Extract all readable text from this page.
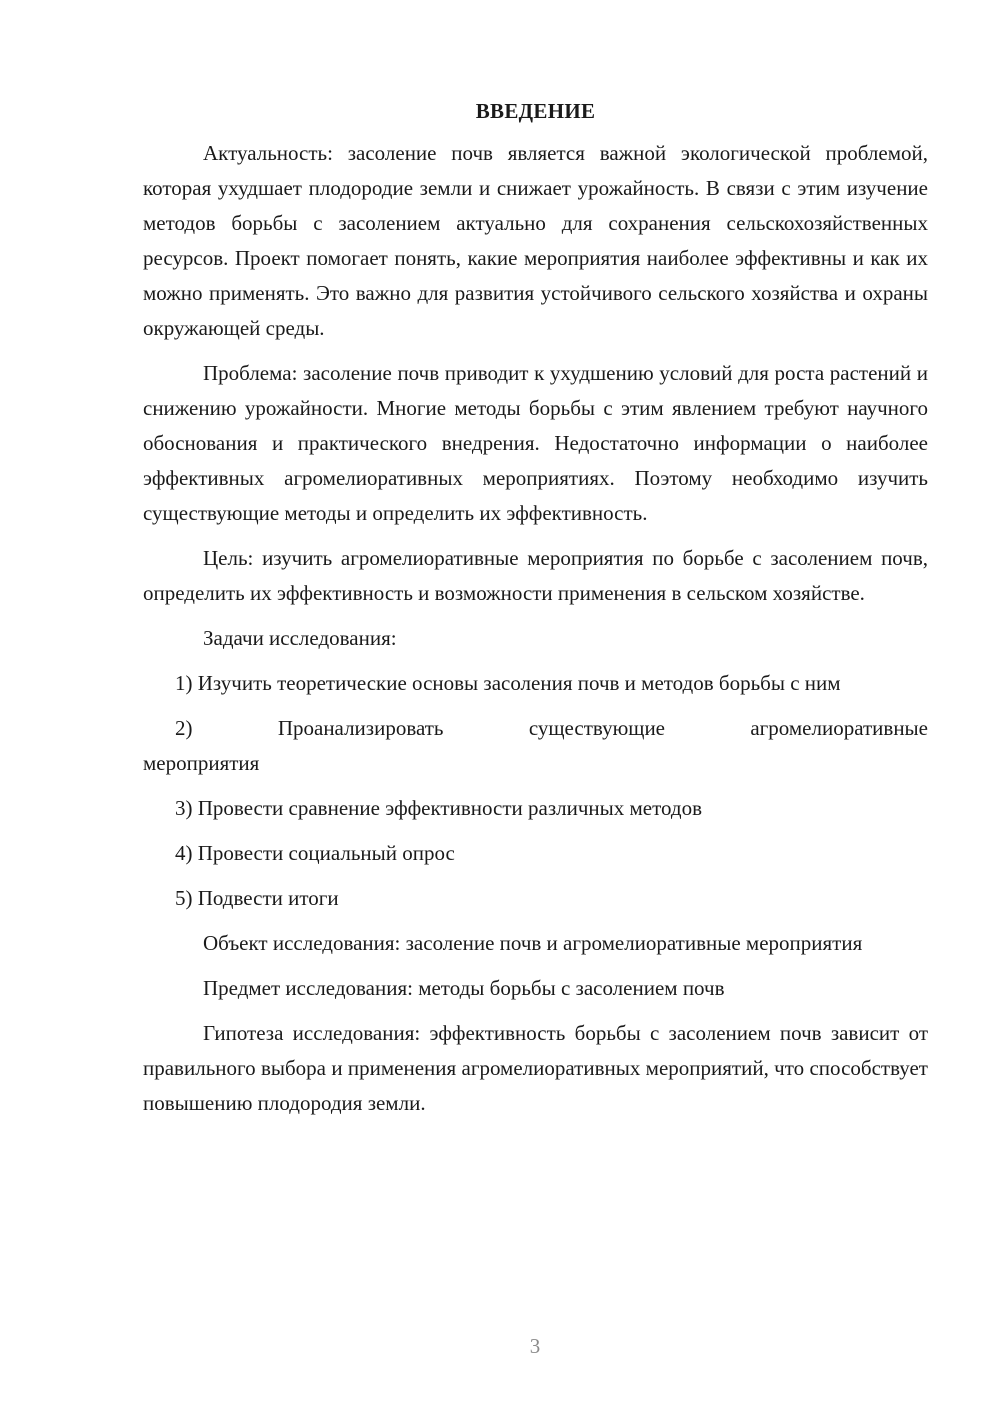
ВВЕДЕНИЕ

Актуальность: засоление почв является важной экологической проблемой, которая ухудшает плодородие земли и снижает урожайность. В связи с этим изучение методов борьбы с засолением актуально для сохранения сельскохозяйственных ресурсов. Проект помогает понять, какие мероприятия наиболее эффективны и как их можно применять. Это важно для развития устойчивого сельского хозяйства и охраны окружающей среды.

Проблема: засоление почв приводит к ухудшению условий для роста растений и снижению урожайности. Многие методы борьбы с этим явлением требуют научного обоснования и практического внедрения. Недостаточно информации о наиболее эффективных агромелиоративных мероприятиях. Поэтому необходимо изучить существующие методы и определить их эффективность.

Цель: изучить агромелиоративные мероприятия по борьбе с засолением почв, определить их эффективность и возможности применения в сельском хозяйстве.

Задачи исследования:

1) Изучить теоретические основы засоления почв и методов борьбы с ним

2) Проанализировать существующие агромелиоративные

мероприятия

3) Провести сравнение эффективности различных методов

4) Провести социальный опрос

5) Подвести итоги

Объект исследования: засоление почв и агромелиоративные мероприятия

Предмет исследования: методы борьбы с засолением почв

Гипотеза исследования: эффективность борьбы с засолением почв зависит от правильного выбора и применения агромелиоративных мероприятий, что способствует повышению плодородия земли.

3
